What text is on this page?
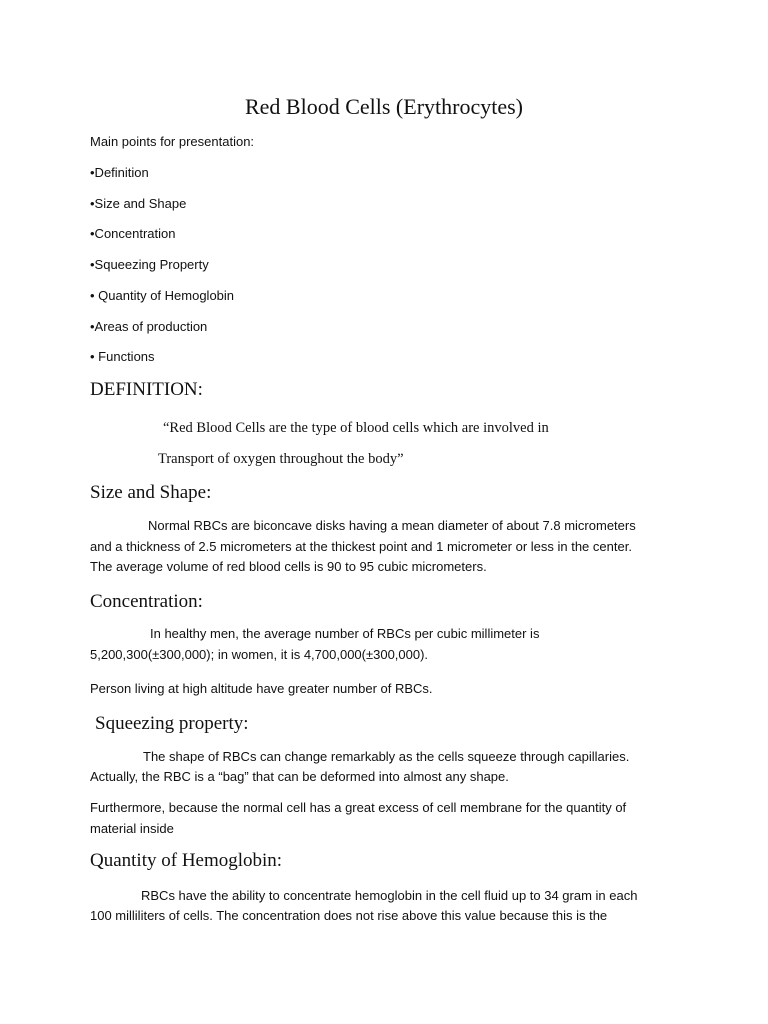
Red Blood Cells (Erythrocytes)
Main points for presentation:
•Definition
•Size and Shape
•Concentration
•Squeezing Property
• Quantity of Hemoglobin
•Areas of production
• Functions
DEFINITION:
“Red Blood Cells are the type of blood cells which are involved in
Transport of oxygen throughout the body”
Size and Shape:
Normal RBCs are biconcave disks having a mean diameter of about 7.8 micrometers
and a thickness of 2.5 micrometers at the thickest point and 1 micrometer or less in the center.
The average volume of red blood cells is 90 to 95 cubic micrometers.
Concentration:
In healthy men, the average number of RBCs per cubic millimeter is
5,200,300(±300,000); in women, it is 4,700,000(±300,000).
Person living at high altitude have greater number of RBCs.
Squeezing property:
The shape of RBCs can change remarkably as the cells squeeze through capillaries.
Actually, the RBC is a “bag” that can be deformed into almost any shape.
Furthermore, because the normal cell has a great excess of cell membrane for the quantity of
material inside
Quantity of Hemoglobin:
RBCs have the ability to concentrate hemoglobin in the cell fluid up to 34 gram in each
100 milliliters of cells. The concentration does not rise above this value because this is the
